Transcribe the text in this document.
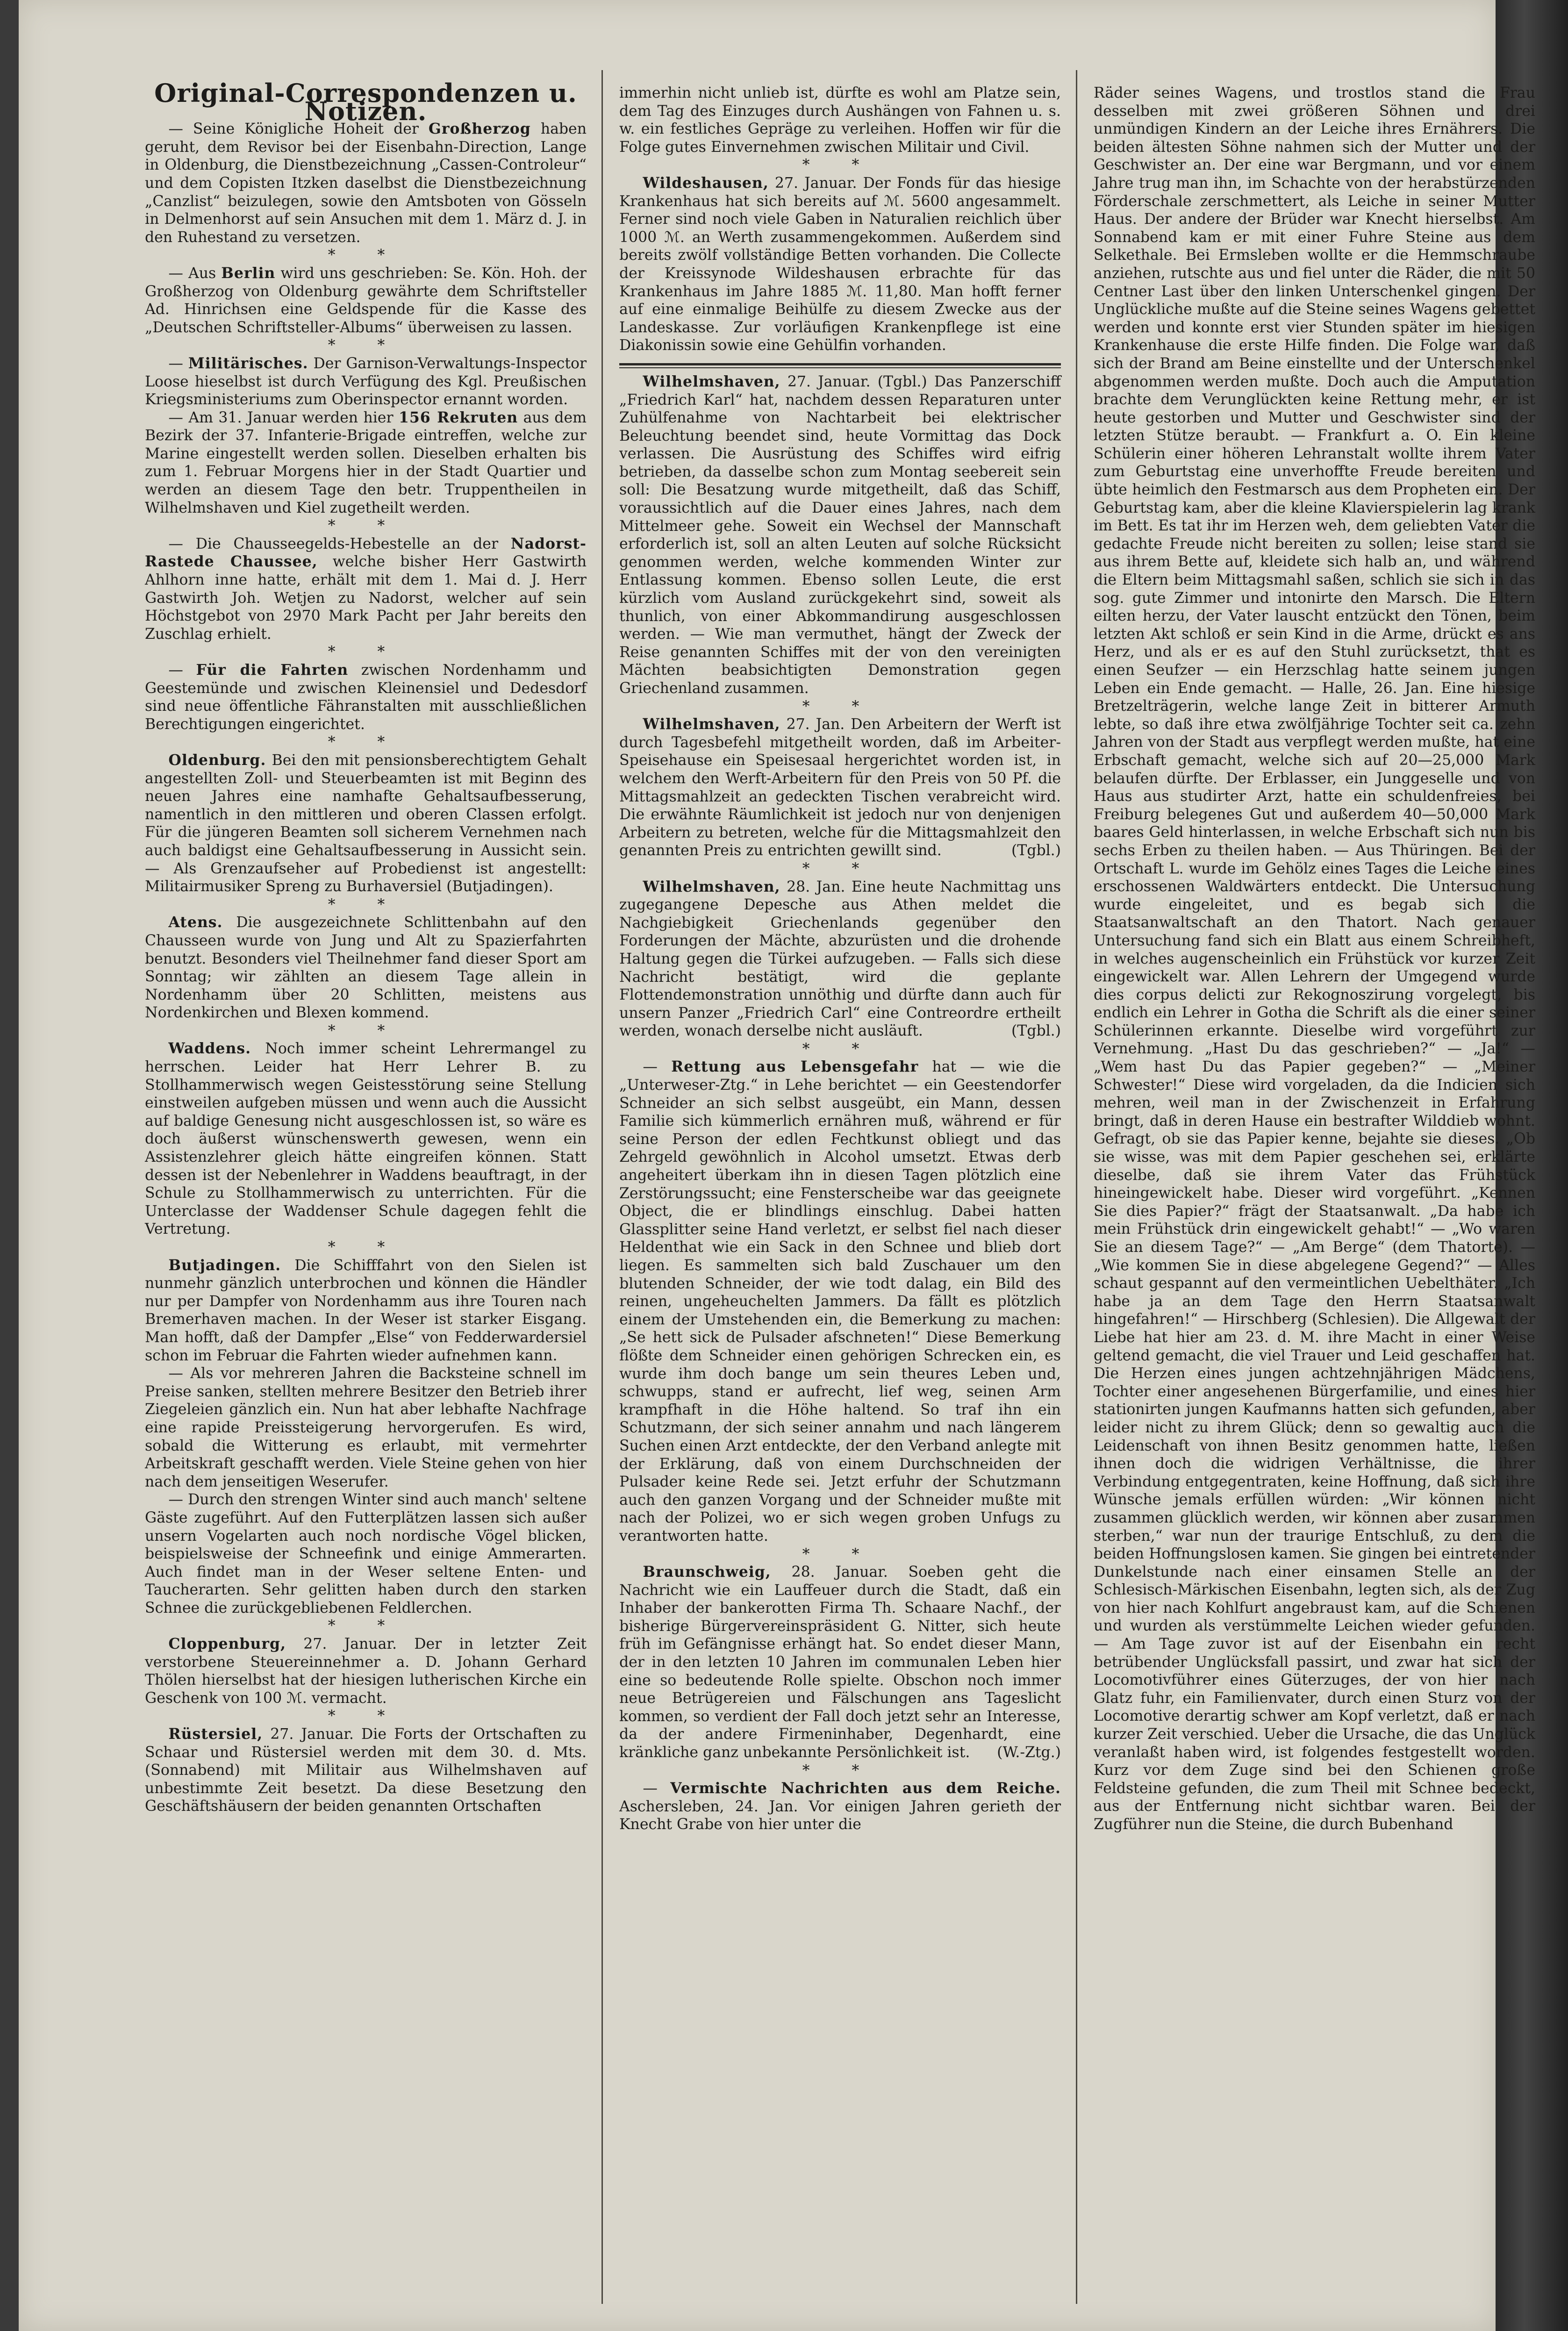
Original-Correspondenzen u. Notizen.

— Seine Königliche Hoheit der Großherzog haben geruht, dem Revisor bei der Eisenbahn-Direction, Lange in Oldenburg, die Dienstbezeichnung „Cassen-Controleur“ und dem Copisten Itzken daselbst die Dienstbezeichnung „Canzlist“ beizulegen, sowie den Amtsboten von Gösseln in Delmenhorst auf sein Ansuchen mit dem 1. März d. J. in den Ruhestand zu versetzen.

* *

— Aus Berlin wird uns geschrieben: Se. Kön. Hoh. der Großherzog von Oldenburg gewährte dem Schriftsteller Ad. Hinrichsen eine Geldspende für die Kasse des „Deutschen Schriftsteller-Albums“ überweisen zu lassen.

* *

— Militärisches. Der Garnison-Verwaltungs-Inspector Loose hieselbst ist durch Verfügung des Kgl. Preußischen Kriegsministeriums zum Oberinspector ernannt worden.

— Am 31. Januar werden hier 156 Rekruten aus dem Bezirk der 37. Infanterie-Brigade eintreffen, welche zur Marine eingestellt werden sollen. Dieselben erhalten bis zum 1. Februar Morgens hier in der Stadt Quartier und werden an diesem Tage den betr. Truppentheilen in Wilhelmshaven und Kiel zugetheilt werden.

* *

— Die Chausseegelds-Hebestelle an der Nadorst-Rastede Chaussee, welche bisher Herr Gastwirth Ahlhorn inne hatte, erhält mit dem 1. Mai d. J. Herr Gastwirth Joh. Wetjen zu Nadorst, welcher auf sein Höchstgebot von 2970 Mark Pacht per Jahr bereits den Zuschlag erhielt.

* *

— Für die Fahrten zwischen Nordenhamm und Geestemünde und zwischen Kleinensiel und Dedesdorf sind neue öffentliche Fähranstalten mit ausschließlichen Berechtigungen eingerichtet.

* *

Oldenburg. Bei den mit pensionsberechtigtem Gehalt angestellten Zoll- und Steuerbeamten ist mit Beginn des neuen Jahres eine namhafte Gehaltsaufbesserung, namentlich in den mittleren und oberen Classen erfolgt. Für die jüngeren Beamten soll sicherem Vernehmen nach auch baldigst eine Gehaltsaufbesserung in Aussicht sein. — Als Grenzaufseher auf Probedienst ist angestellt: Militairmusiker Spreng zu Burhaversiel (Butjadingen).

* *

Atens. Die ausgezeichnete Schlittenbahn auf den Chausseen wurde von Jung und Alt zu Spazierfahrten benutzt. Besonders viel Theilnehmer fand dieser Sport am Sonntag; wir zählten an diesem Tage allein in Nordenhamm über 20 Schlitten, meistens aus Nordenkirchen und Blexen kommend.

* *

Waddens. Noch immer scheint Lehrermangel zu herrschen. Leider hat Herr Lehrer B. zu Stollhammerwisch wegen Geistesstörung seine Stellung einstweilen aufgeben müssen und wenn auch die Aussicht auf baldige Genesung nicht ausgeschlossen ist, so wäre es doch äußerst wünschenswerth gewesen, wenn ein Assistenzlehrer gleich hätte eingreifen können. Statt dessen ist der Nebenlehrer in Waddens beauftragt, in der Schule zu Stollhammerwisch zu unterrichten. Für die Unterclasse der Waddenser Schule dagegen fehlt die Vertretung.

* *

Butjadingen. Die Schifffahrt von den Sielen ist nunmehr gänzlich unterbrochen und können die Händler nur per Dampfer von Nordenhamm aus ihre Touren nach Bremerhaven machen. In der Weser ist starker Eisgang. Man hofft, daß der Dampfer „Else“ von Fedderwardersiel schon im Februar die Fahrten wieder aufnehmen kann.

— Als vor mehreren Jahren die Backsteine schnell im Preise sanken, stellten mehrere Besitzer den Betrieb ihrer Ziegeleien gänzlich ein. Nun hat aber lebhafte Nachfrage eine rapide Preissteigerung hervorgerufen. Es wird, sobald die Witterung es erlaubt, mit vermehrter Arbeitskraft geschafft werden. Viele Steine gehen von hier nach dem jenseitigen Weserufer.

— Durch den strengen Winter sind auch manch' seltene Gäste zugeführt. Auf den Futterplätzen lassen sich außer unsern Vogelarten auch noch nordische Vögel blicken, beispielsweise der Schneefink und einige Ammerarten. Auch findet man in der Weser seltene Enten- und Taucherarten. Sehr gelitten haben durch den starken Schnee die zurückgebliebenen Feldlerchen.

* *

Cloppenburg, 27. Januar. Der in letzter Zeit verstorbene Steuereinnehmer a. D. Johann Gerhard Thölen hierselbst hat der hiesigen lutherischen Kirche ein Geschenk von 100 ℳ. vermacht.

* *

Rüstersiel, 27. Januar. Die Forts der Ortschaften zu Schaar und Rüstersiel werden mit dem 30. d. Mts. (Sonnabend) mit Militair aus Wilhelmshaven auf unbestimmte Zeit besetzt. Da diese Besetzung den Geschäftshäusern der beiden genannten Ortschaften

immerhin nicht unlieb ist, dürfte es wohl am Platze sein, dem Tag des Einzuges durch Aushängen von Fahnen u. s. w. ein festliches Gepräge zu verleihen. Hoffen wir für die Folge gutes Einvernehmen zwischen Militair und Civil.

* *

Wildeshausen, 27. Januar. Der Fonds für das hiesige Krankenhaus hat sich bereits auf ℳ. 5600 angesammelt. Ferner sind noch viele Gaben in Naturalien reichlich über 1000 ℳ. an Werth zusammengekommen. Außerdem sind bereits zwölf vollständige Betten vorhanden. Die Collecte der Kreissynode Wildeshausen erbrachte für das Krankenhaus im Jahre 1885 ℳ. 11,80. Man hofft ferner auf eine einmalige Beihülfe zu diesem Zwecke aus der Landeskasse. Zur vorläufigen Krankenpflege ist eine Diakonissin sowie eine Gehülfin vorhanden.

Wilhelmshaven, 27. Januar. (Tgbl.) Das Panzerschiff „Friedrich Karl“ hat, nachdem dessen Reparaturen unter Zuhülfenahme von Nachtarbeit bei elektrischer Beleuchtung beendet sind, heute Vormittag das Dock verlassen. Die Ausrüstung des Schiffes wird eifrig betrieben, da dasselbe schon zum Montag seebereit sein soll: Die Besatzung wurde mitgetheilt, daß das Schiff, voraussichtlich auf die Dauer eines Jahres, nach dem Mittelmeer gehe. Soweit ein Wechsel der Mannschaft erforderlich ist, soll an alten Leuten auf solche Rücksicht genommen werden, welche kommenden Winter zur Entlassung kommen. Ebenso sollen Leute, die erst kürzlich vom Ausland zurückgekehrt sind, soweit als thunlich, von einer Abkommandirung ausgeschlossen werden. — Wie man vermuthet, hängt der Zweck der Reise genannten Schiffes mit der von den vereinigten Mächten beabsichtigten Demonstration gegen Griechenland zusammen.

* *

Wilhelmshaven, 27. Jan. Den Arbeitern der Werft ist durch Tagesbefehl mitgetheilt worden, daß im Arbeiter-Speisehause ein Speisesaal hergerichtet worden ist, in welchem den Werft-Arbeitern für den Preis von 50 Pf. die Mittagsmahlzeit an gedeckten Tischen verabreicht wird. Die erwähnte Räumlichkeit ist jedoch nur von denjenigen Arbeitern zu betreten, welche für die Mittagsmahlzeit den genannten Preis zu entrichten gewillt sind.	(Tgbl.)

* *

Wilhelmshaven, 28. Jan. Eine heute Nachmittag uns zugegangene Depesche aus Athen meldet die Nachgiebigkeit Griechenlands gegenüber den Forderungen der Mächte, abzurüsten und die drohende Haltung gegen die Türkei aufzugeben. — Falls sich diese Nachricht bestätigt, wird die geplante Flottendemonstration unnöthig und dürfte dann auch für unsern Panzer „Friedrich Carl“ eine Contreordre ertheilt werden, wonach derselbe nicht ausläuft.	(Tgbl.)

* *

— Rettung aus Lebensgefahr hat — wie die „Unterweser-Ztg.“ in Lehe berichtet — ein Geestendorfer Schneider an sich selbst ausgeübt, ein Mann, dessen Familie sich kümmerlich ernähren muß, während er für seine Person der edlen Fechtkunst obliegt und das Zehrgeld gewöhnlich in Alcohol umsetzt. Etwas derb angeheitert überkam ihn in diesen Tagen plötzlich eine Zerstörungssucht; eine Fensterscheibe war das geeignete Object, die er blindlings einschlug. Dabei hatten Glassplitter seine Hand verletzt, er selbst fiel nach dieser Heldenthat wie ein Sack in den Schnee und blieb dort liegen. Es sammelten sich bald Zuschauer um den blutenden Schneider, der wie todt dalag, ein Bild des reinen, ungeheuchelten Jammers. Da fällt es plötzlich einem der Umstehenden ein, die Bemerkung zu machen: „Se hett sick de Pulsader afschneten!“ Diese Bemerkung flößte dem Schneider einen gehörigen Schrecken ein, es wurde ihm doch bange um sein theures Leben und, schwupps, stand er aufrecht, lief weg, seinen Arm krampfhaft in die Höhe haltend. So traf ihn ein Schutzmann, der sich seiner annahm und nach längerem Suchen einen Arzt entdeckte, der den Verband anlegte mit der Erklärung, daß von einem Durchschneiden der Pulsader keine Rede sei. Jetzt erfuhr der Schutzmann auch den ganzen Vorgang und der Schneider mußte mit nach der Polizei, wo er sich wegen groben Unfugs zu verantworten hatte.

* *

Braunschweig, 28. Januar. Soeben geht die Nachricht wie ein Lauffeuer durch die Stadt, daß ein Inhaber der bankerotten Firma Th. Schaare Nachf., der bisherige Bürgervereinspräsident G. Nitter, sich heute früh im Gefängnisse erhängt hat. So endet dieser Mann, der in den letzten 10 Jahren im communalen Leben hier eine so bedeutende Rolle spielte. Obschon noch immer neue Betrügereien und Fälschungen ans Tageslicht kommen, so verdient der Fall doch jetzt sehr an Interesse, da der andere Firmeninhaber, Degenhardt, eine kränkliche ganz unbekannte Persönlichkeit ist.	(W.-Ztg.)

* *

— Vermischte Nachrichten aus dem Reiche. Aschersleben, 24. Jan. Vor einigen Jahren gerieth der Knecht Grabe von hier unter die

Räder seines Wagens, und trostlos stand die Frau desselben mit zwei größeren Söhnen und drei unmündigen Kindern an der Leiche ihres Ernährers. Die beiden ältesten Söhne nahmen sich der Mutter und der Geschwister an. Der eine war Bergmann, und vor einem Jahre trug man ihn, im Schachte von der herabstürzenden Förderschale zerschmettert, als Leiche in seiner Mutter Haus. Der andere der Brüder war Knecht hierselbst. Am Sonnabend kam er mit einer Fuhre Steine aus dem Selkethale. Bei Ermsleben wollte er die Hemmschraube anziehen, rutschte aus und fiel unter die Räder, die mit 50 Centner Last über den linken Unterschenkel gingen. Der Unglückliche mußte auf die Steine seines Wagens gebettet werden und konnte erst vier Stunden später im hiesigen Krankenhause die erste Hilfe finden. Die Folge war, daß sich der Brand am Beine einstellte und der Unterschenkel abgenommen werden mußte. Doch auch die Amputation brachte dem Verunglückten keine Rettung mehr, er ist heute gestorben und Mutter und Geschwister sind der letzten Stütze beraubt. — Frankfurt a. O. Ein kleine Schülerin einer höheren Lehranstalt wollte ihrem Vater zum Geburtstag eine unverhoffte Freude bereiten und übte heimlich den Festmarsch aus dem Propheten ein. Der Geburtstag kam, aber die kleine Klavierspielerin lag krank im Bett. Es tat ihr im Herzen weh, dem geliebten Vater die gedachte Freude nicht bereiten zu sollen; leise stand sie aus ihrem Bette auf, kleidete sich halb an, und während die Eltern beim Mittagsmahl saßen, schlich sie sich in das sog. gute Zimmer und intonirte den Marsch. Die Eltern eilten herzu, der Vater lauscht entzückt den Tönen, beim letzten Akt schloß er sein Kind in die Arme, drückt es ans Herz, und als er es auf den Stuhl zurücksetzt, that es einen Seufzer — ein Herzschlag hatte seinem jungen Leben ein Ende gemacht. — Halle, 26. Jan. Eine hiesige Bretzelträgerin, welche lange Zeit in bitterer Armuth lebte, so daß ihre etwa zwölfjährige Tochter seit ca. zehn Jahren von der Stadt aus verpflegt werden mußte, hat eine Erbschaft gemacht, welche sich auf 20—25,000 Mark belaufen dürfte. Der Erblasser, ein Junggeselle und von Haus aus studirter Arzt, hatte ein schuldenfreies, bei Freiburg belegenes Gut und außerdem 40—50,000 Mark baares Geld hinterlassen, in welche Erbschaft sich nun bis sechs Erben zu theilen haben. — Aus Thüringen. Bei der Ortschaft L. wurde im Gehölz eines Tages die Leiche eines erschossenen Waldwärters entdeckt. Die Untersuchung wurde eingeleitet, und es begab sich die Staatsanwaltschaft an den Thatort. Nach genauer Untersuchung fand sich ein Blatt aus einem Schreibheft, in welches augenscheinlich ein Frühstück vor kurzer Zeit eingewickelt war. Allen Lehrern der Umgegend wurde dies corpus delicti zur Rekognoszirung vorgelegt, bis endlich ein Lehrer in Gotha die Schrift als die einer seiner Schülerinnen erkannte. Dieselbe wird vorgeführt zur Vernehmung. „Hast Du das geschrieben?“ — „Ja!“ — „Wem hast Du das Papier gegeben?“ — „Meiner Schwester!“ Diese wird vorgeladen, da die Indicien sich mehren, weil man in der Zwischenzeit in Erfahrung bringt, daß in deren Hause ein bestrafter Wilddieb wohnt. Gefragt, ob sie das Papier kenne, bejahte sie dieses. „Ob sie wisse, was mit dem Papier geschehen sei, erklärte dieselbe, daß sie ihrem Vater das Frühstück hineingewickelt habe. Dieser wird vorgeführt. „Kennen Sie dies Papier?“ frägt der Staatsanwalt. „Da habe ich mein Frühstück drin eingewickelt gehabt!“ — „Wo waren Sie an diesem Tage?“ — „Am Berge“ (dem Thatorte). — „Wie kommen Sie in diese abgelegene Gegend?“ — Alles schaut gespannt auf den vermeintlichen Uebelthäter. „Ich habe ja an dem Tage den Herrn Staatsanwalt hingefahren!“ — Hirschberg (Schlesien). Die Allgewalt der Liebe hat hier am 23. d. M. ihre Macht in einer Weise geltend gemacht, die viel Trauer und Leid geschaffen hat. Die Herzen eines jungen achtzehnjährigen Mädchens, Tochter einer angesehenen Bürgerfamilie, und eines hier stationirten jungen Kaufmanns hatten sich gefunden, aber leider nicht zu ihrem Glück; denn so gewaltig auch die Leidenschaft von ihnen Besitz genommen hatte, ließen ihnen doch die widrigen Verhältnisse, die ihrer Verbindung entgegentraten, keine Hoffnung, daß sich ihre Wünsche jemals erfüllen würden: „Wir können nicht zusammen glücklich werden, wir können aber zusammen sterben,“ war nun der traurige Entschluß, zu dem die beiden Hoffnungslosen kamen. Sie gingen bei eintretender Dunkelstunde nach einer einsamen Stelle an der Schlesisch-Märkischen Eisenbahn, legten sich, als der Zug von hier nach Kohlfurt angebraust kam, auf die Schienen und wurden als verstümmelte Leichen wieder gefunden. — Am Tage zuvor ist auf der Eisenbahn ein recht betrübender Unglücksfall passirt, und zwar hat sich der Locomotivführer eines Güterzuges, der von hier nach Glatz fuhr, ein Familienvater, durch einen Sturz von der Locomotive derartig schwer am Kopf verletzt, daß er nach kurzer Zeit verschied. Ueber die Ursache, die das Unglück veranlaßt haben wird, ist folgendes festgestellt worden. Kurz vor dem Zuge sind bei den Schienen große Feldsteine gefunden, die zum Theil mit Schnee bedeckt, aus der Entfernung nicht sichtbar waren. Bei der Zugführer nun die Steine, die durch Bubenhand
